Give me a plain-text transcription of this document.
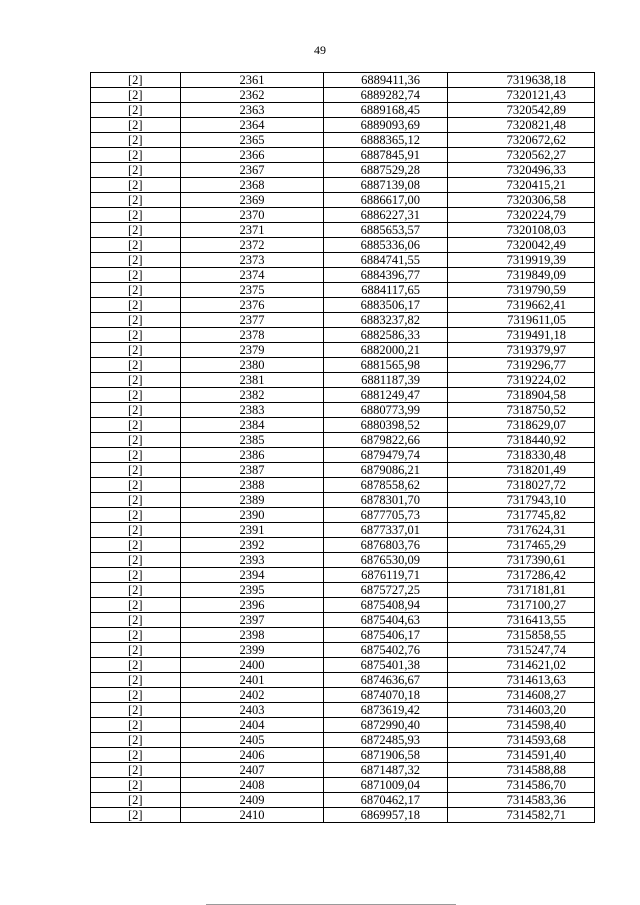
49
[2]	2361	6889411,36	7319638,18
[2]	2362	6889282,74	7320121,43
[2]	2363	6889168,45	7320542,89
[2]	2364	6889093,69	7320821,48
[2]	2365	6888365,12	7320672,62
[2]	2366	6887845,91	7320562,27
[2]	2367	6887529,28	7320496,33
[2]	2368	6887139,08	7320415,21
[2]	2369	6886617,00	7320306,58
[2]	2370	6886227,31	7320224,79
[2]	2371	6885653,57	7320108,03
[2]	2372	6885336,06	7320042,49
[2]	2373	6884741,55	7319919,39
[2]	2374	6884396,77	7319849,09
[2]	2375	6884117,65	7319790,59
[2]	2376	6883506,17	7319662,41
[2]	2377	6883237,82	7319611,05
[2]	2378	6882586,33	7319491,18
[2]	2379	6882000,21	7319379,97
[2]	2380	6881565,98	7319296,77
[2]	2381	6881187,39	7319224,02
[2]	2382	6881249,47	7318904,58
[2]	2383	6880773,99	7318750,52
[2]	2384	6880398,52	7318629,07
[2]	2385	6879822,66	7318440,92
[2]	2386	6879479,74	7318330,48
[2]	2387	6879086,21	7318201,49
[2]	2388	6878558,62	7318027,72
[2]	2389	6878301,70	7317943,10
[2]	2390	6877705,73	7317745,82
[2]	2391	6877337,01	7317624,31
[2]	2392	6876803,76	7317465,29
[2]	2393	6876530,09	7317390,61
[2]	2394	6876119,71	7317286,42
[2]	2395	6875727,25	7317181,81
[2]	2396	6875408,94	7317100,27
[2]	2397	6875404,63	7316413,55
[2]	2398	6875406,17	7315858,55
[2]	2399	6875402,76	7315247,74
[2]	2400	6875401,38	7314621,02
[2]	2401	6874636,67	7314613,63
[2]	2402	6874070,18	7314608,27
[2]	2403	6873619,42	7314603,20
[2]	2404	6872990,40	7314598,40
[2]	2405	6872485,93	7314593,68
[2]	2406	6871906,58	7314591,40
[2]	2407	6871487,32	7314588,88
[2]	2408	6871009,04	7314586,70
[2]	2409	6870462,17	7314583,36
[2]	2410	6869957,18	7314582,71
